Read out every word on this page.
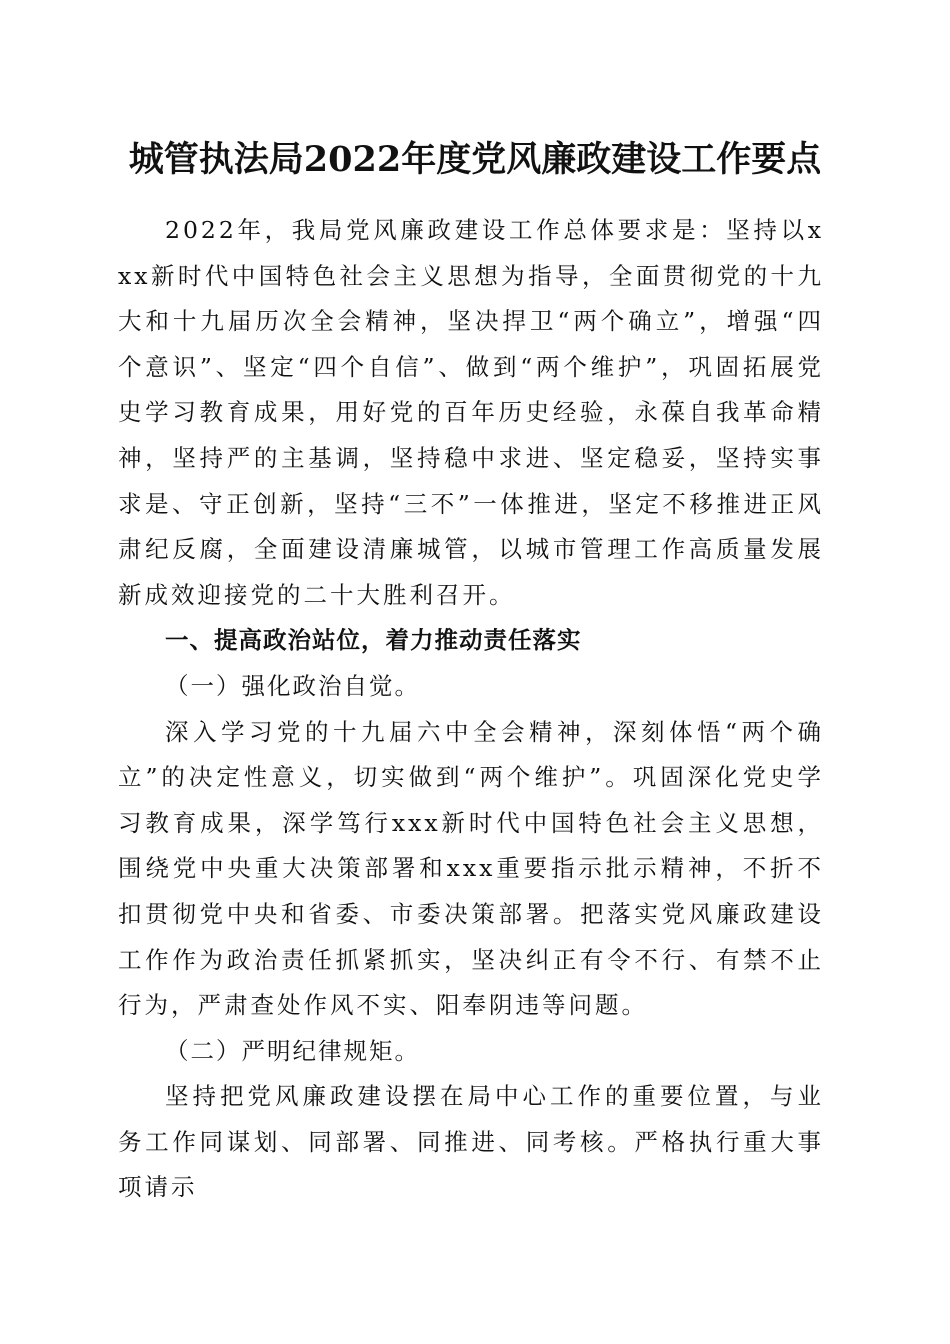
城管执法局2022年度党风廉政建设工作要点

2022年，我局党风廉政建设工作总体要求是：坚持以xxx新时代中国特色社会主义思想为指导，全面贯彻党的十九大和十九届历次全会精神，坚决捍卫“两个确立”，增强“四个意识”、坚定“四个自信”、做到“两个维护”，巩固拓展党史学习教育成果，用好党的百年历史经验，永葆自我革命精神，坚持严的主基调，坚持稳中求进、坚定稳妥，坚持实事求是、守正创新，坚持“三不”一体推进，坚定不移推进正风肃纪反腐，全面建设清廉城管，以城市管理工作高质量发展新成效迎接党的二十大胜利召开。

一、提高政治站位，着力推动责任落实

（一）强化政治自觉。

深入学习党的十九届六中全会精神，深刻体悟“两个确立”的决定性意义，切实做到“两个维护”。巩固深化党史学习教育成果，深学笃行xxx新时代中国特色社会主义思想，围绕党中央重大决策部署和xxx重要指示批示精神，不折不扣贯彻党中央和省委、市委决策部署。把落实党风廉政建设工作作为政治责任抓紧抓实，坚决纠正有令不行、有禁不止行为，严肃查处作风不实、阳奉阴违等问题。

（二）严明纪律规矩。

坚持把党风廉政建设摆在局中心工作的重要位置，与业务工作同谋划、同部署、同推进、同考核。严格执行重大事项请示
